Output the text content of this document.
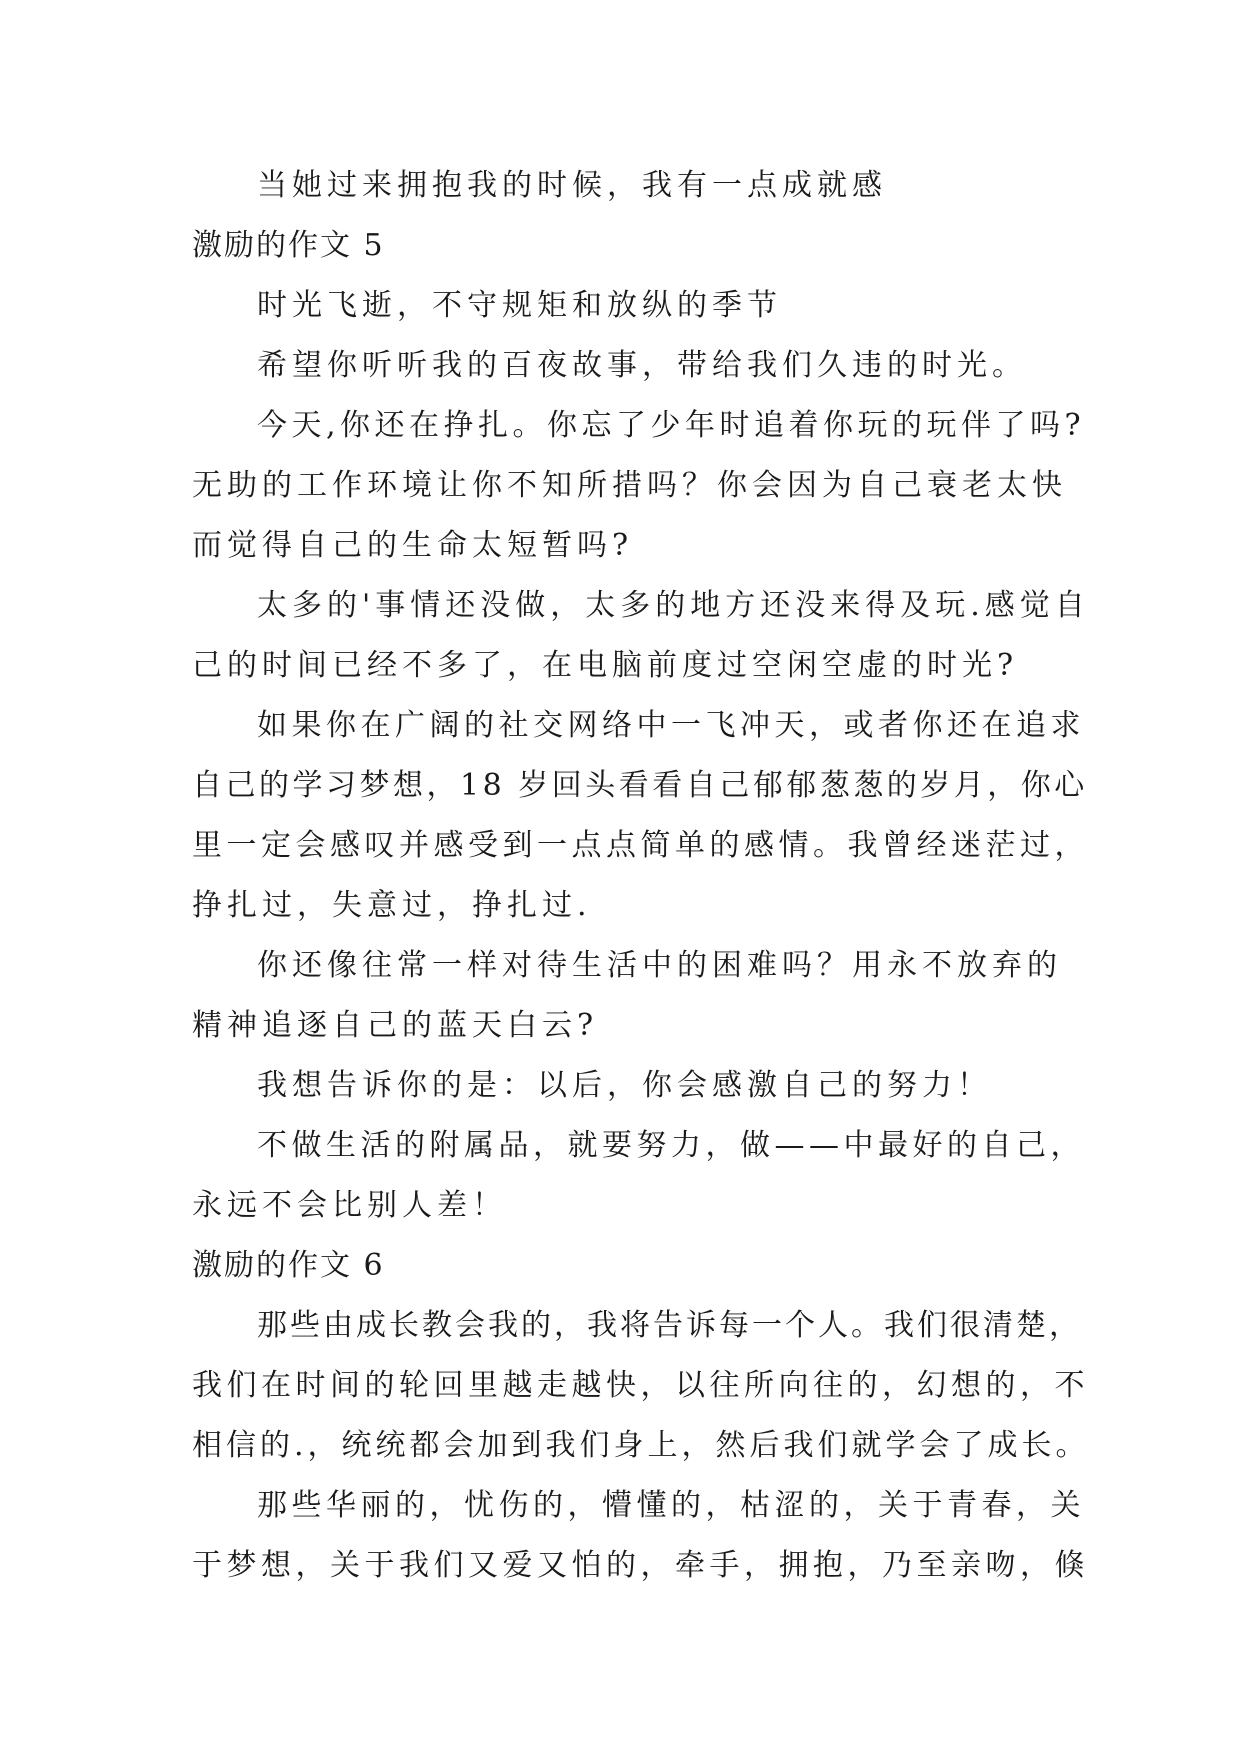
当她过来拥抱我的时候，我有一点成就感
激励的作文 5
时光飞逝，不守规矩和放纵的季节
希望你听听我的百夜故事，带给我们久违的时光。
今天,你还在挣扎。你忘了少年时追着你玩的玩伴了吗?
无助的工作环境让你不知所措吗？你会因为自己衰老太快
而觉得自己的生命太短暂吗?
太多的'事情还没做，太多的地方还没来得及玩.感觉自
己的时间已经不多了，在电脑前度过空闲空虚的时光?
如果你在广阔的社交网络中一飞冲天，或者你还在追求
自己的学习梦想，18 岁回头看看自己郁郁葱葱的岁月，你心
里一定会感叹并感受到一点点简单的感情。我曾经迷茫过，
挣扎过，失意过，挣扎过.
你还像往常一样对待生活中的困难吗？用永不放弃的
精神追逐自己的蓝天白云?
我想告诉你的是：以后，你会感激自己的努力！
不做生活的附属品，就要努力，做——中最好的自己，
永远不会比别人差！
激励的作文 6
那些由成长教会我的，我将告诉每一个人。我们很清楚，
我们在时间的轮回里越走越快，以往所向往的，幻想的，不
相信的.，统统都会加到我们身上，然后我们就学会了成长。
那些华丽的，忧伤的，懵懂的，枯涩的，关于青春，关
于梦想，关于我们又爱又怕的，牵手，拥抱，乃至亲吻，倏
